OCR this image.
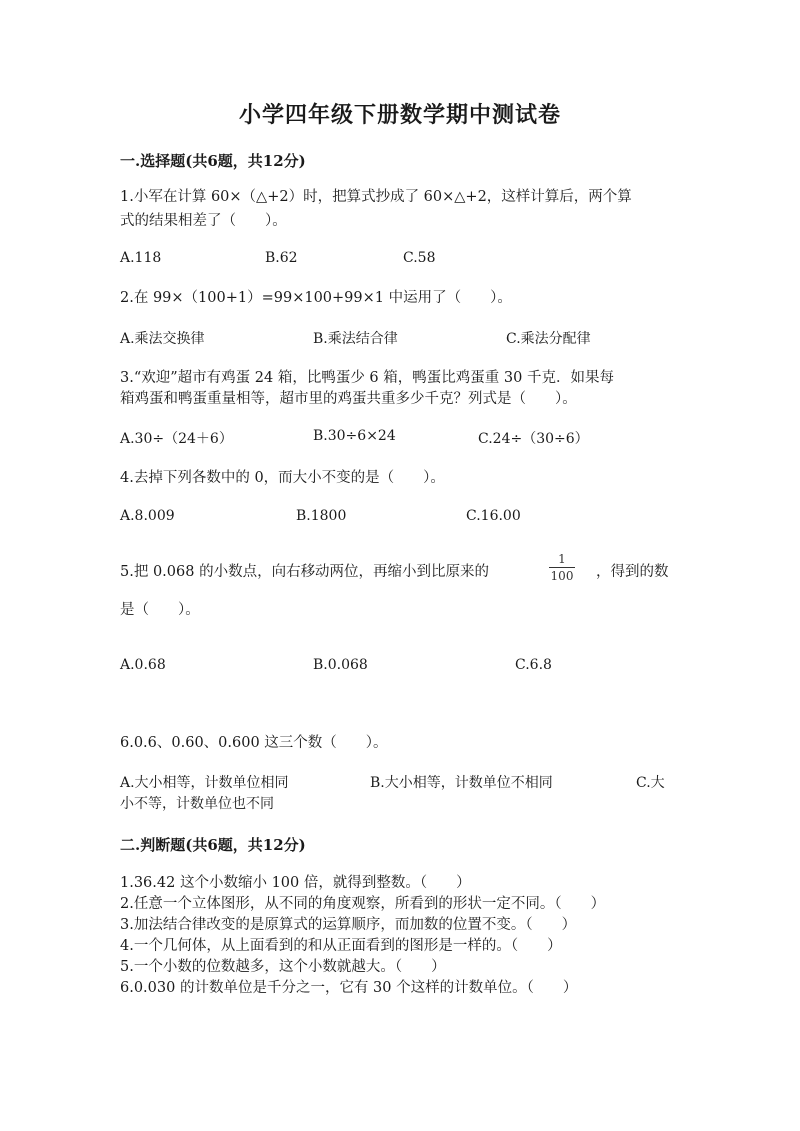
小学四年级下册数学期中测试卷
一.选择题(共6题，共12分)
1.小军在计算 60×（△+2）时，把算式抄成了 60×△+2，这样计算后，两个算
式的结果相差了（　　）。
A.118	B.62	C.58
2.在 99×（100+1）=99×100+99×1 中运用了（　　）。
A.乘法交换律	B.乘法结合律	C.乘法分配律
3.“欢迎”超市有鸡蛋 24 箱，比鸭蛋少 6 箱，鸭蛋比鸡蛋重 30 千克．如果每
箱鸡蛋和鸭蛋重量相等，超市里的鸡蛋共重多少千克？列式是（　　）。
A.30÷（24＋6）	B.30÷6×24	C.24÷（30÷6）
4.去掉下列各数中的 0，而大小不变的是（　　）。
A.8.009	B.1800	C.16.00
5.把 0.068 的小数点，向右移动两位，再缩小到比原来的
1
100 ，得到的数
是（　　）。
A.0.68	B.0.068	C.6.8
6.0.6、0.60、0.600 这三个数（　　）。
A.大小相等，计数单位相同	B.大小相等，计数单位不相同	C.大
小不等，计数单位也不同
二.判断题(共6题，共12分)
1.36.42 这个小数缩小 100 倍，就得到整数。（　　）
2.任意一个立体图形，从不同的角度观察，所看到的形状一定不同。（　　）
3.加法结合律改变的是原算式的运算顺序，而加数的位置不变。（　　）
4.一个几何体，从上面看到的和从正面看到的图形是一样的。（　　）
5.一个小数的位数越多，这个小数就越大。（　　）
6.0.030 的计数单位是千分之一，它有 30 个这样的计数单位。（　　）
